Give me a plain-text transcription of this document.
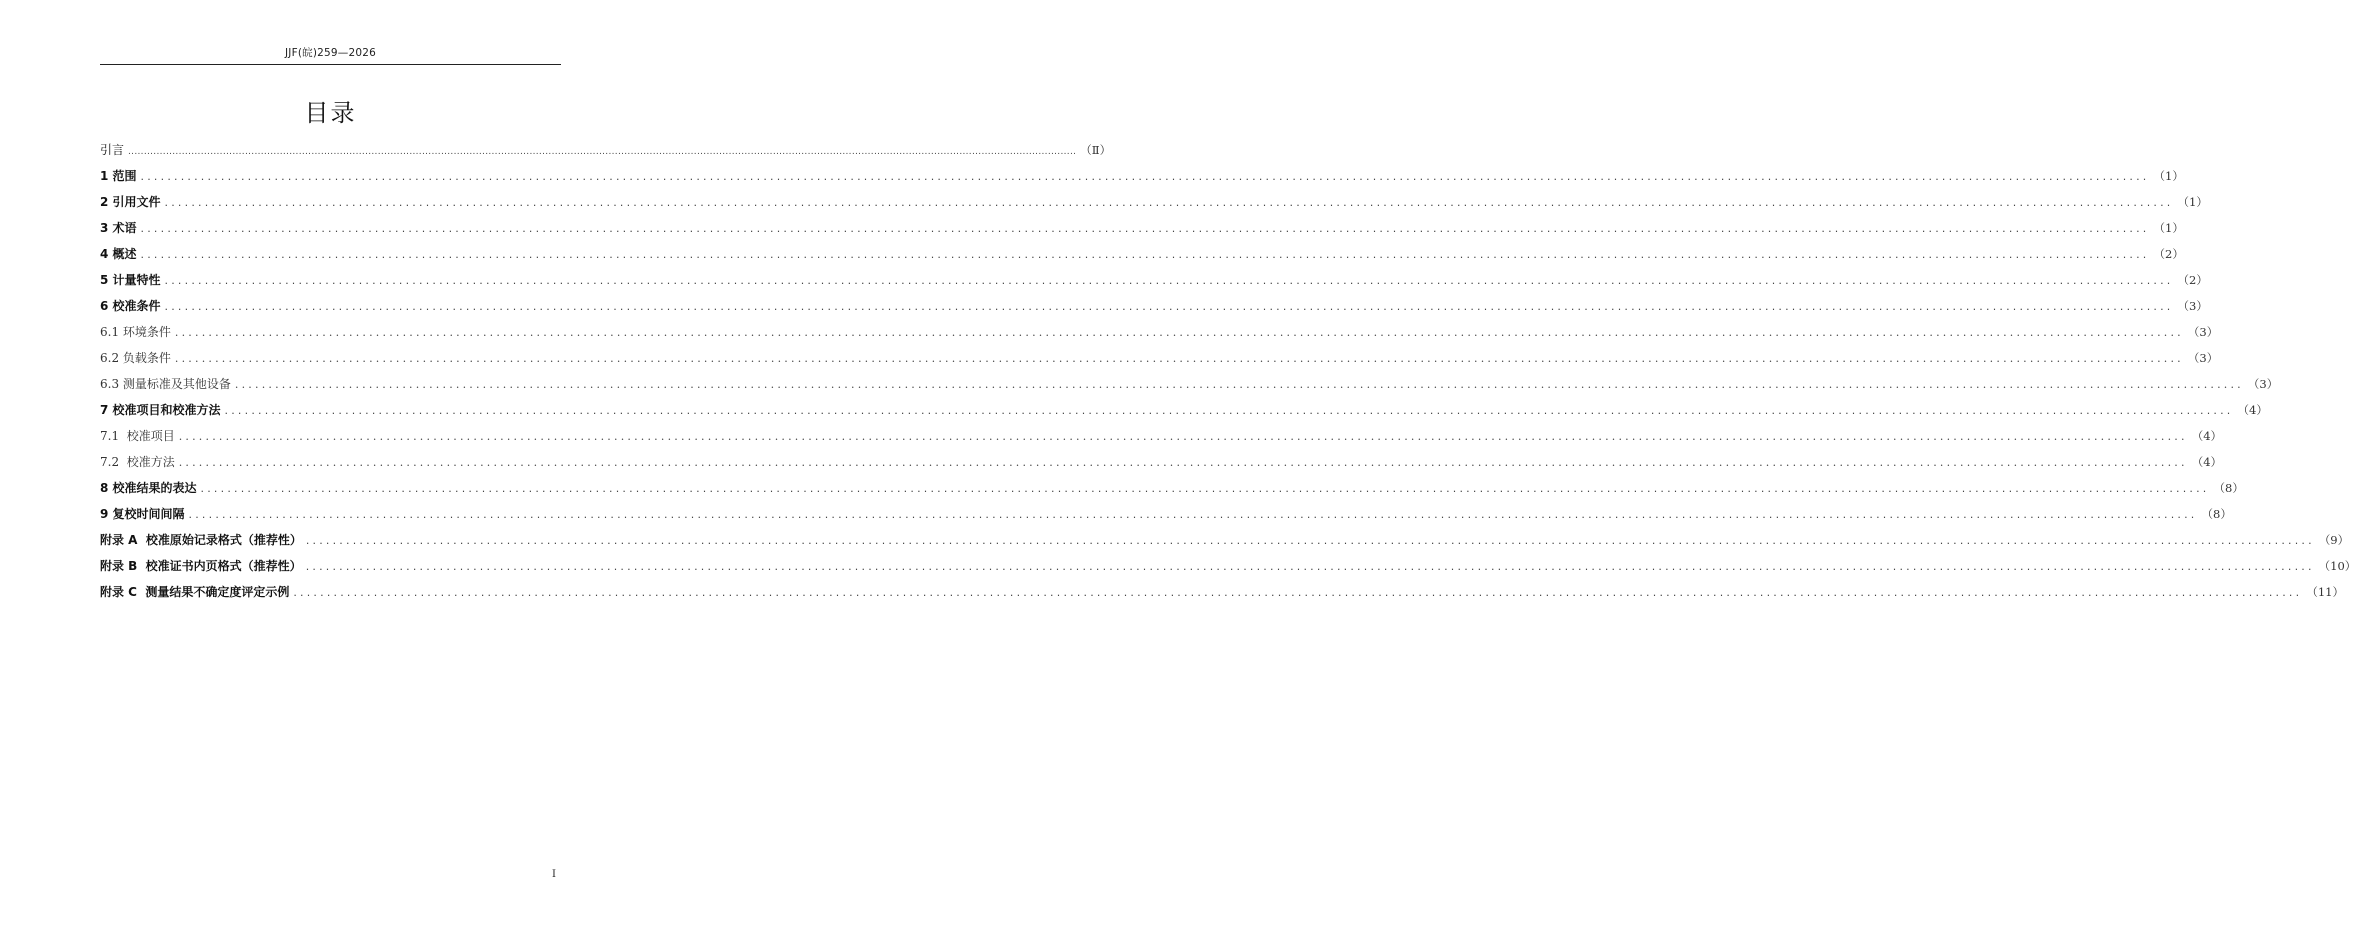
JJF(皖)259—2026
目录
引言 ............................................................................................................................................................................................................................................................................................................ （Ⅱ）
1 范围 ............................................................................................................................................................................................................................................................................................................ （1）
2 引用文件 ............................................................................................................................................................................................................................................................................................................ （1）
3 术语 ............................................................................................................................................................................................................................................................................................................ （1）
4 概述 ............................................................................................................................................................................................................................................................................................................ （2）
5 计量特性 ............................................................................................................................................................................................................................................................................................................ （2）
6 校准条件 ............................................................................................................................................................................................................................................................................................................ （3）
6.1 环境条件 ............................................................................................................................................................................................................................................................................................................ （3）
6.2 负载条件 ............................................................................................................................................................................................................................................................................................................ （3）
6.3 测量标准及其他设备 ............................................................................................................................................................................................................................................................................................................ （3）
7 校准项目和校准方法 ............................................................................................................................................................................................................................................................................................................ （4）
7.1  校准项目 ............................................................................................................................................................................................................................................................................................................ （4）
7.2  校准方法 ............................................................................................................................................................................................................................................................................................................ （4）
8 校准结果的表达 ............................................................................................................................................................................................................................................................................................................ （8）
9 复校时间间隔 ............................................................................................................................................................................................................................................................................................................ （8）
附录 A  校准原始记录格式（推荐性） ............................................................................................................................................................................................................................................................................................................ （9）
附录 B  校准证书内页格式（推荐性） ............................................................................................................................................................................................................................................................................................................ （10）
附录 C  测量结果不确定度评定示例 ............................................................................................................................................................................................................................................................................................................ （11）
I
